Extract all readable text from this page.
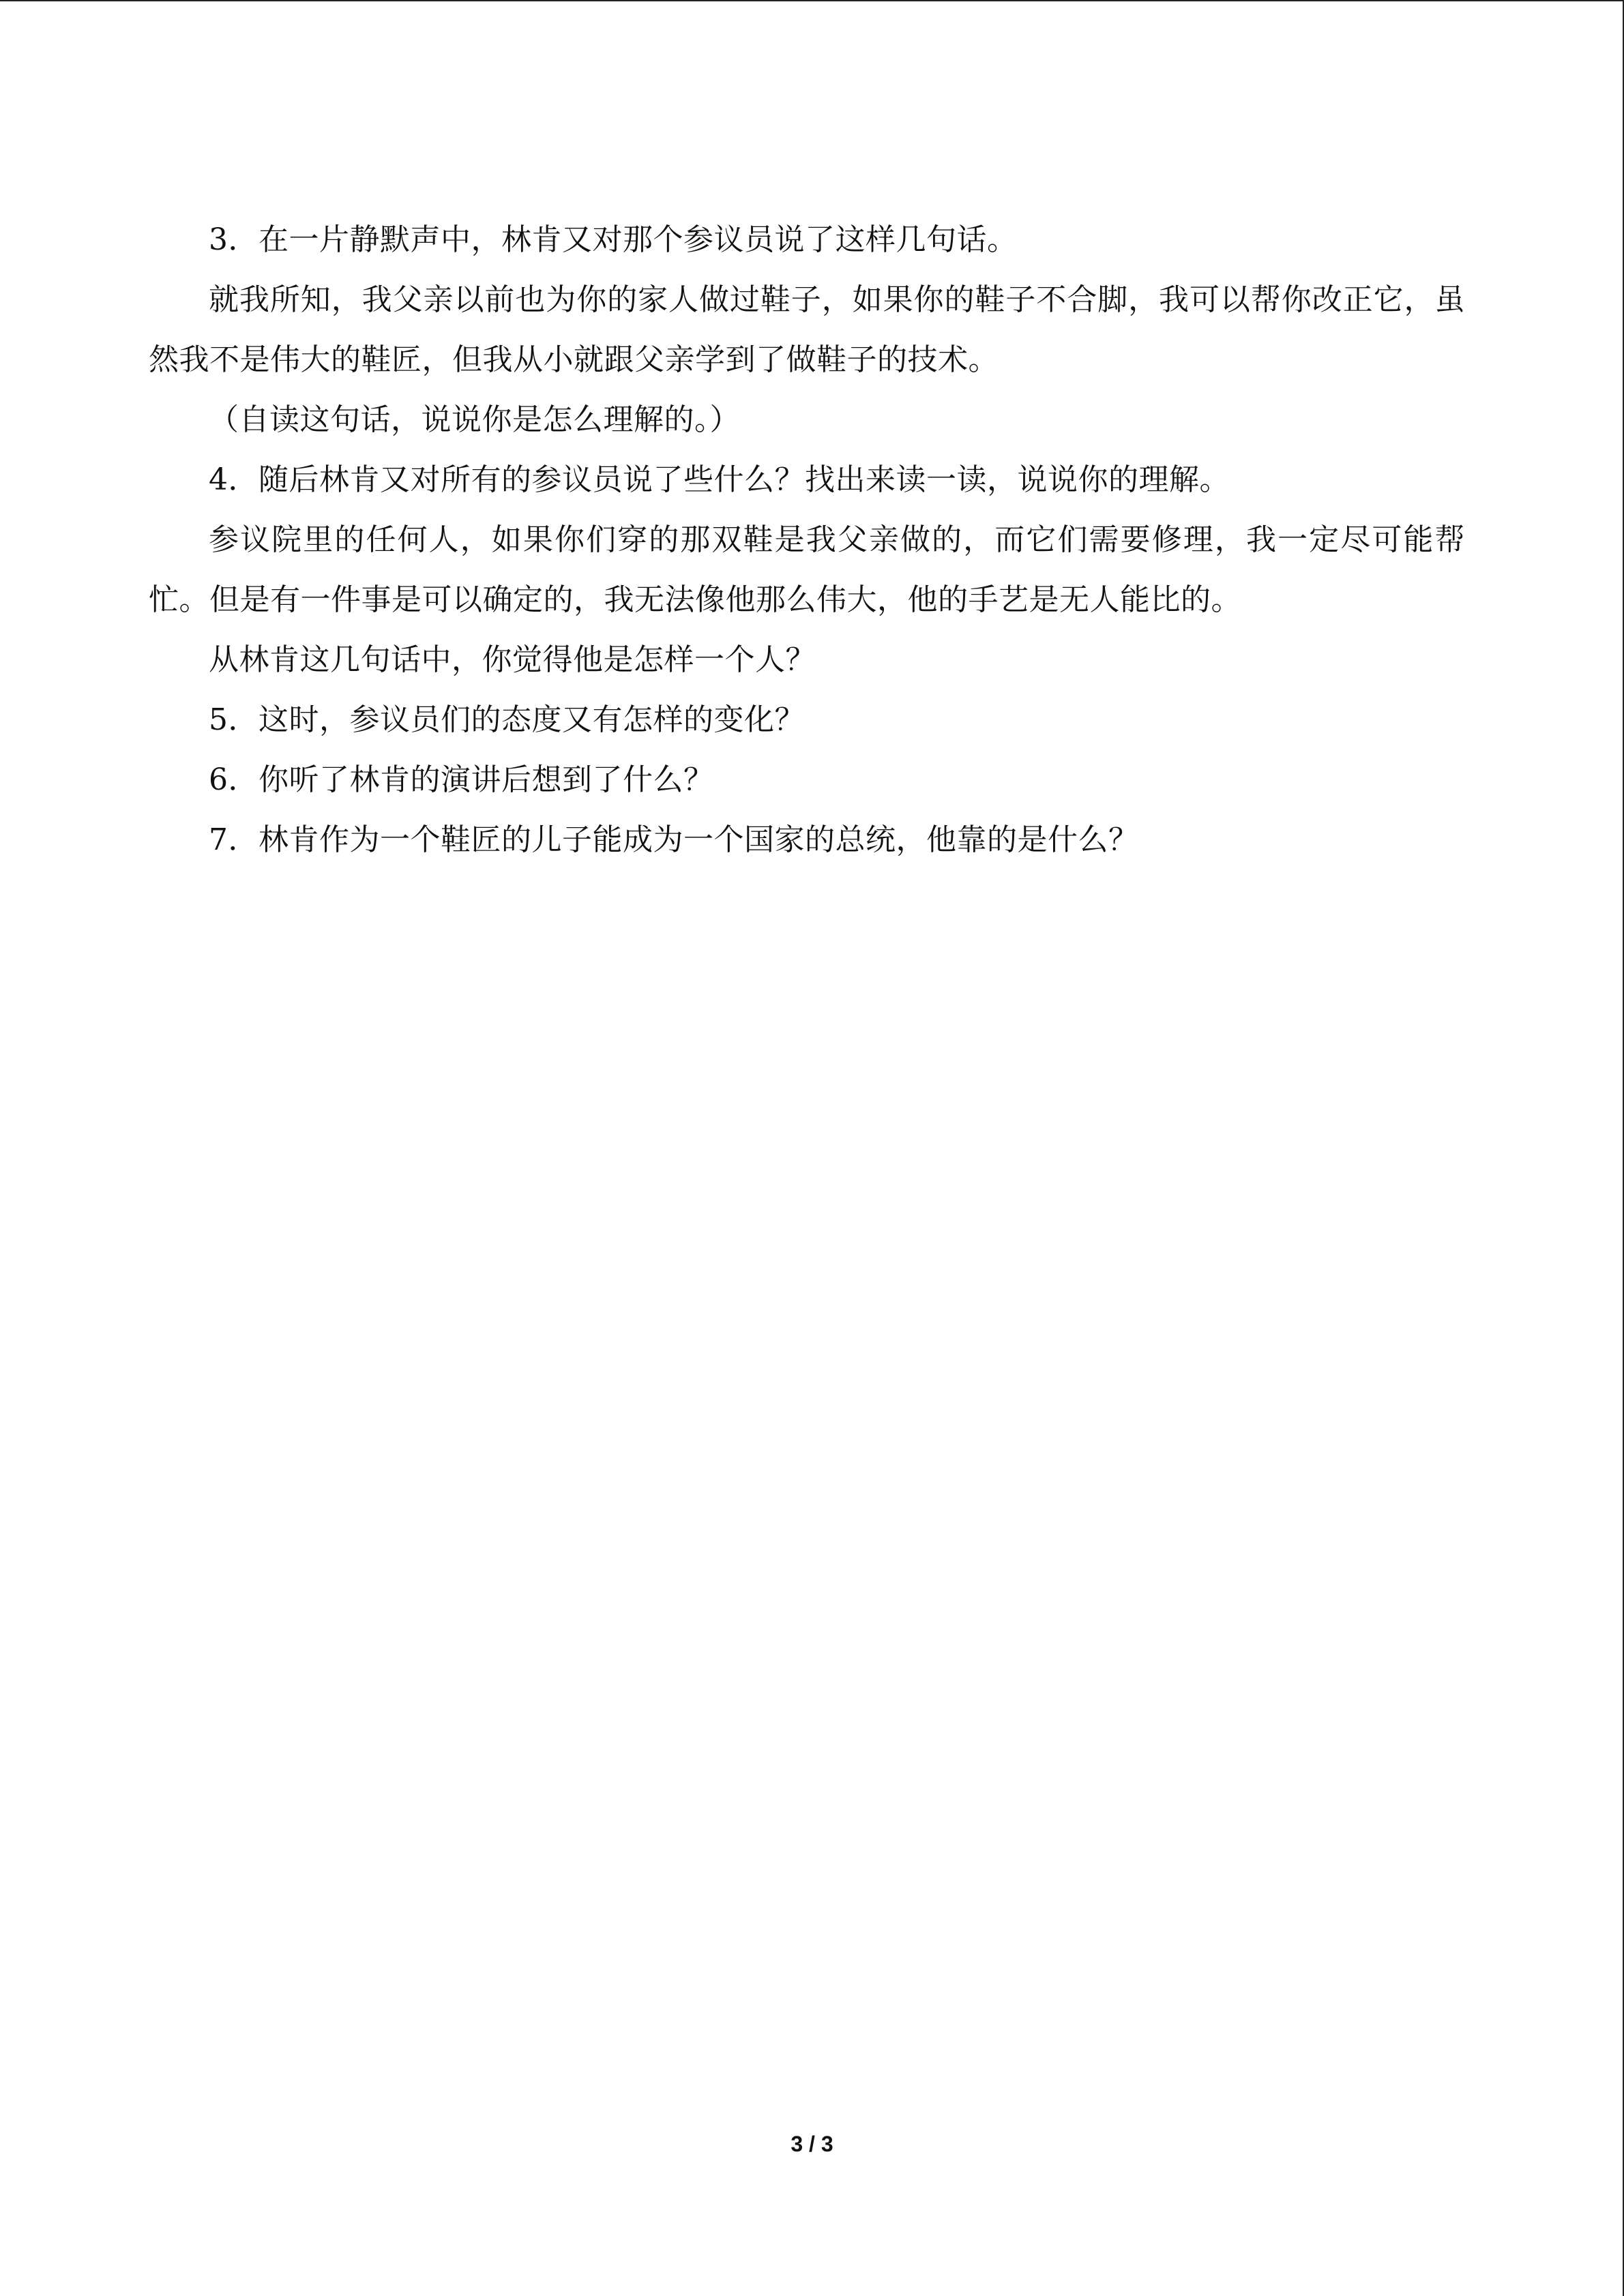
3．在一片静默声中，林肯又对那个参议员说了这样几句话。

就我所知，我父亲以前也为你的家人做过鞋子，如果你的鞋子不合脚，我可以帮你改正它，虽然我不是伟大的鞋匠，但我从小就跟父亲学到了做鞋子的技术。

（自读这句话，说说你是怎么理解的。）

4．随后林肯又对所有的参议员说了些什么？找出来读一读，说说你的理解。

参议院里的任何人，如果你们穿的那双鞋是我父亲做的，而它们需要修理，我一定尽可能帮忙。但是有一件事是可以确定的，我无法像他那么伟大，他的手艺是无人能比的。

从林肯这几句话中，你觉得他是怎样一个人？

5．这时，参议员们的态度又有怎样的变化？

6．你听了林肯的演讲后想到了什么？

7．林肯作为一个鞋匠的儿子能成为一个国家的总统，他靠的是什么？

3 / 3
